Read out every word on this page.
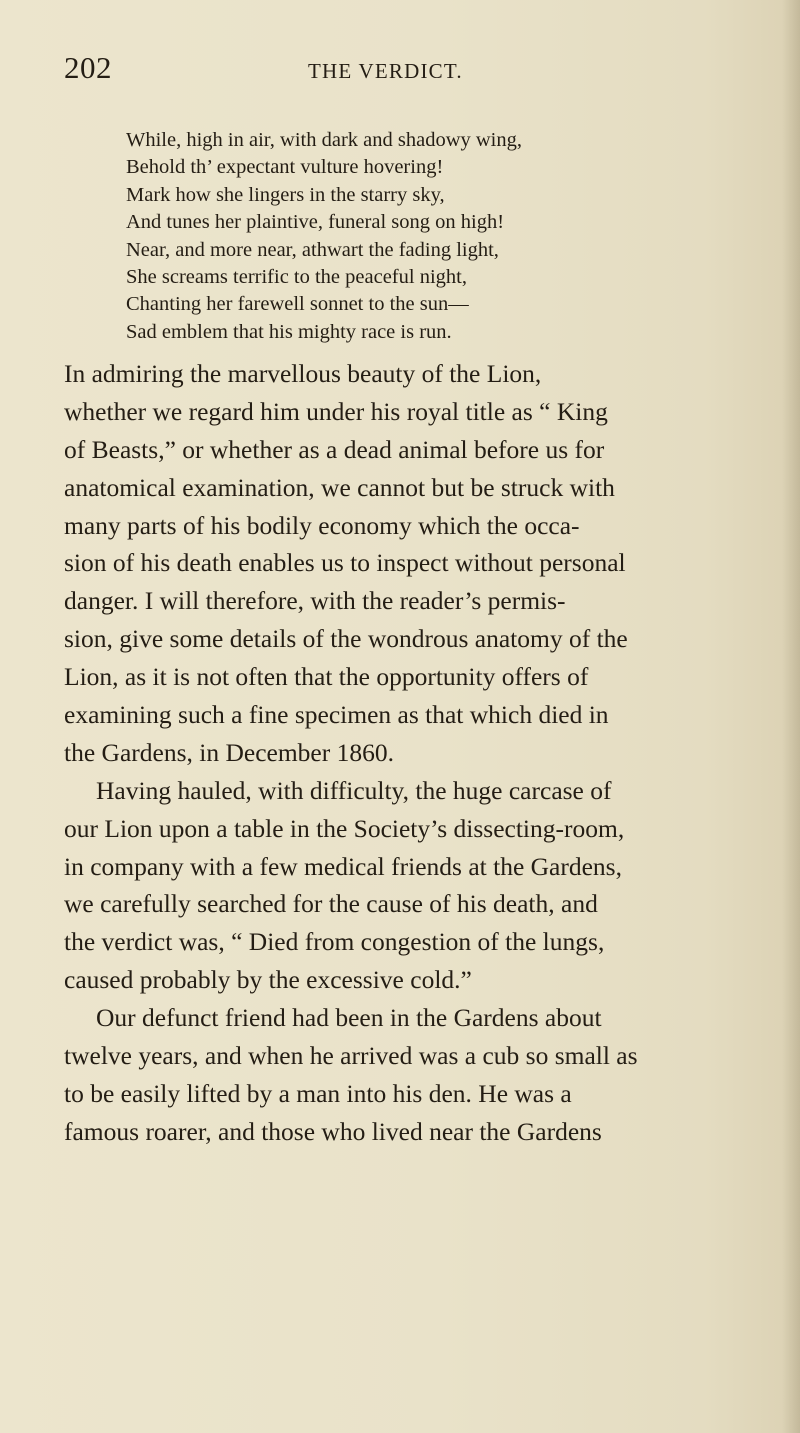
202	THE VERDICT.
While, high in air, with dark and shadowy wing,
Behold th’ expectant vulture hovering!
Mark how she lingers in the starry sky,
And tunes her plaintive, funeral song on high!
Near, and more near, athwart the fading light,
She screams terrific to the peaceful night,
Chanting her farewell sonnet to the sun—
Sad emblem that his mighty race is run.
In admiring the marvellous beauty of the Lion,
whether we regard him under his royal title as “ King
of Beasts,” or whether as a dead animal before us for
anatomical examination, we cannot but be struck with
many parts of his bodily economy which the occa-
sion of his death enables us to inspect without personal
danger. I will therefore, with the reader’s permis-
sion, give some details of the wondrous anatomy of the
Lion, as it is not often that the opportunity offers of
examining such a fine specimen as that which died in
the Gardens, in December 1860.
Having hauled, with difficulty, the huge carcase of
our Lion upon a table in the Society’s dissecting-room,
in company with a few medical friends at the Gardens,
we carefully searched for the cause of his death, and
the verdict was, “ Died from congestion of the lungs,
caused probably by the excessive cold.”
Our defunct friend had been in the Gardens about
twelve years, and when he arrived was a cub so small as
to be easily lifted by a man into his den. He was a
famous roarer, and those who lived near the Gardens
